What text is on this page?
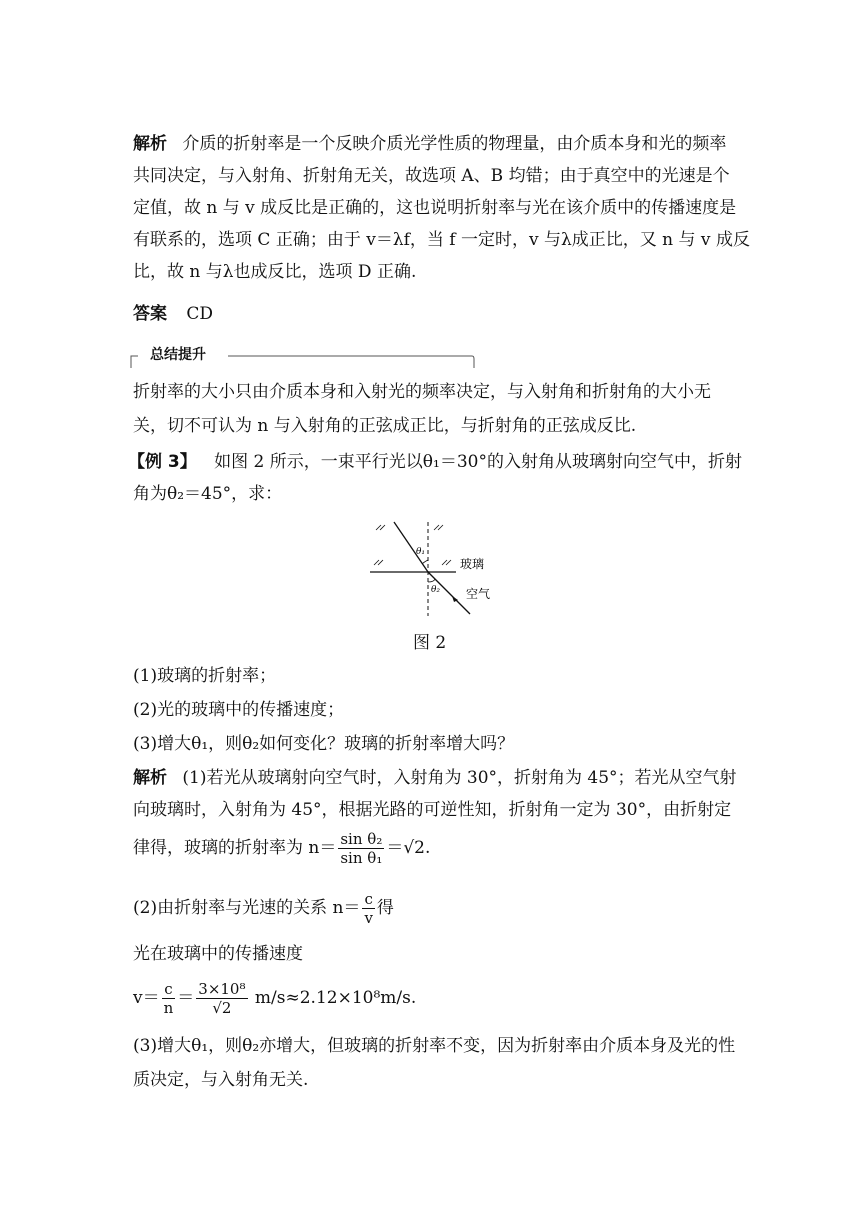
解析 介质的折射率是一个反映介质光学性质的物理量，由介质本身和光的频率
共同决定，与入射角、折射角无关，故选项 A、B 均错；由于真空中的光速是个
定值，故 n 与 v 成反比是正确的，这也说明折射率与光在该介质中的传播速度是
有联系的，选项 C 正确；由于 v＝λf，当 f 一定时，v 与λ成正比，又 n 与 v 成反
比，故 n 与λ也成反比，选项 D 正确.
答案 CD
总结提升
折射率的大小只由介质本身和入射光的频率决定，与入射角和折射角的大小无
关，切不可认为 n 与入射角的正弦成正比，与折射角的正弦成反比.
【例 3】 如图 2 所示，一束平行光以θ₁＝30°的入射角从玻璃射向空气中，折射
角为θ₂＝45°，求：
θ₁
θ₂
玻璃
空气
图 2
(1)玻璃的折射率；
(2)光的玻璃中的传播速度；
(3)增大θ₁，则θ₂如何变化？玻璃的折射率增大吗？
解析 (1)若光从玻璃射向空气时，入射角为 30°，折射角为 45°；若光从空气射
向玻璃时，入射角为 45°，根据光路的可逆性知，折射角一定为 30°，由折射定
律得，玻璃的折射率为 $n= \frac{\text{sin θ₂}}{\text{sin θ₁}} =√2$.
(2)由折射率与光速的关系 $n= \frac{c}{v}$ 得
光在玻璃中的传播速度
$v= \frac{c}{n} = \frac{\text{3×10⁸}}{√2} m/s\approx 2.12\times 10^8m/s$.
(3)增大θ₁，则θ₂亦增大，但玻璃的折射率不变，因为折射率由介质本身及光的性
质决定，与入射角无关.
